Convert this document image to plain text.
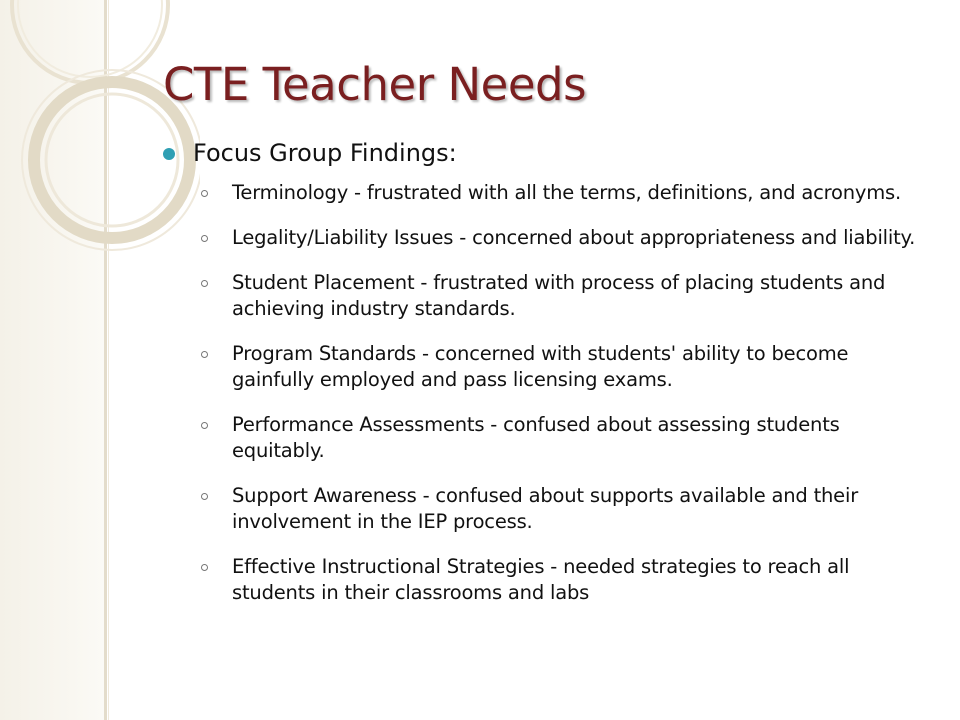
CTE Teacher Needs
Focus Group Findings:
Terminology - frustrated with all the terms, definitions, and acronyms.
Legality/Liability Issues - concerned about appropriateness and liability.
Student Placement - frustrated with process of placing students and achieving industry standards.
Program Standards - concerned with students' ability to become gainfully employed and pass licensing exams.
Performance Assessments - confused about assessing students equitably.
Support Awareness - confused about supports available and their involvement in the IEP process.
Effective Instructional Strategies - needed strategies to reach all students in their classrooms and labs
